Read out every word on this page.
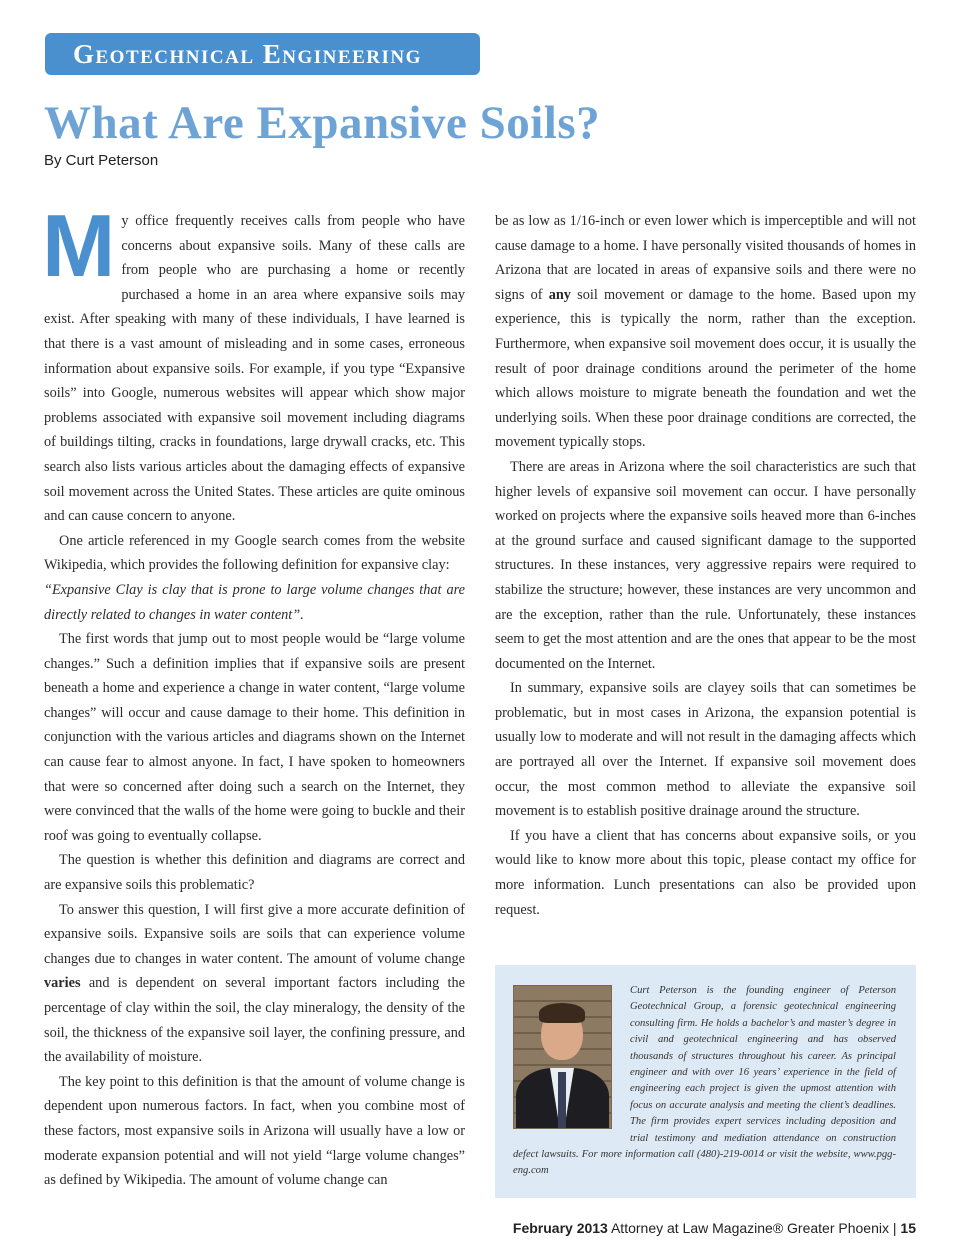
Geotechnical Engineering
What Are Expansive Soils?
By Curt Peterson

My office frequently receives calls from people who have concerns about expansive soils. Many of these calls are from people who are purchasing a home or recently purchased a home in an area where expansive soils may exist. After speaking with many of these individuals, I have learned is that there is a vast amount of misleading and in some cases, erroneous information about expansive soils. For example, if you type “Expansive soils” into Google, numerous websites will appear which show major problems associated with expansive soil movement including diagrams of buildings tilting, cracks in foundations, large drywall cracks, etc. This search also lists various articles about the damaging effects of expansive soil movement across the United States. These articles are quite ominous and can cause concern to anyone.

One article referenced in my Google search comes from the website Wikipedia, which provides the following definition for expansive clay:

“Expansive Clay is clay that is prone to large volume changes that are directly related to changes in water content”.

The first words that jump out to most people would be “large volume changes.” Such a definition implies that if expansive soils are present beneath a home and experience a change in water content, “large volume changes” will occur and cause damage to their home. This definition in conjunction with the various articles and diagrams shown on the Internet can cause fear to almost anyone. In fact, I have spoken to homeowners that were so concerned after doing such a search on the Internet, they were convinced that the walls of the home were going to buckle and their roof was going to eventually collapse.

The question is whether this definition and diagrams are correct and are expansive soils this problematic?

To answer this question, I will first give a more accurate definition of expansive soils. Expansive soils are soils that can experience volume changes due to changes in water content. The amount of volume change varies and is dependent on several important factors including the percentage of clay within the soil, the clay mineralogy, the density of the soil, the thickness of the expansive soil layer, the confining pressure, and the availability of moisture.

The key point to this definition is that the amount of volume change is dependent upon numerous factors. In fact, when you combine most of these factors, most expansive soils in Arizona will usually have a low or moderate expansion potential and will not yield “large volume changes” as defined by Wikipedia. The amount of volume change can

be as low as 1/16-inch or even lower which is imperceptible and will not cause damage to a home. I have personally visited thousands of homes in Arizona that are located in areas of expansive soils and there were no signs of any soil movement or damage to the home. Based upon my experience, this is typically the norm, rather than the exception. Furthermore, when expansive soil movement does occur, it is usually the result of poor drainage conditions around the perimeter of the home which allows moisture to migrate beneath the foundation and wet the underlying soils. When these poor drainage conditions are corrected, the movement typically stops.

There are areas in Arizona where the soil characteristics are such that higher levels of expansive soil movement can occur. I have personally worked on projects where the expansive soils heaved more than 6-inches at the ground surface and caused significant damage to the supported structures. In these instances, very aggressive repairs were required to stabilize the structure; however, these instances are very uncommon and are the exception, rather than the rule. Unfortunately, these instances seem to get the most attention and are the ones that appear to be the most documented on the Internet.

In summary, expansive soils are clayey soils that can sometimes be problematic, but in most cases in Arizona, the expansion potential is usually low to moderate and will not result in the damaging affects which are portrayed all over the Internet. If expansive soil movement does occur, the most common method to alleviate the expansive soil movement is to establish positive drainage around the structure.

If you have a client that has concerns about expansive soils, or you would like to know more about this topic, please contact my office for more information. Lunch presentations can also be provided upon request.

Curt Peterson is the founding engineer of Peterson Geotechnical Group, a forensic geotechnical engineering consulting firm. He holds a bachelor’s and master’s degree in civil and geotechnical engineering and has observed thousands of structures throughout his career. As principal engineer and with over 16 years’ experience in the field of engineering each project is given the upmost attention with focus on accurate analysis and meeting the client’s deadlines. The firm provides expert services including deposition and trial testimony and mediation attendance on construction defect lawsuits. For more information call (480)-219-0014 or visit the website, www.pgg-eng.com

February 2013 Attorney at Law Magazine® Greater Phoenix | 15
